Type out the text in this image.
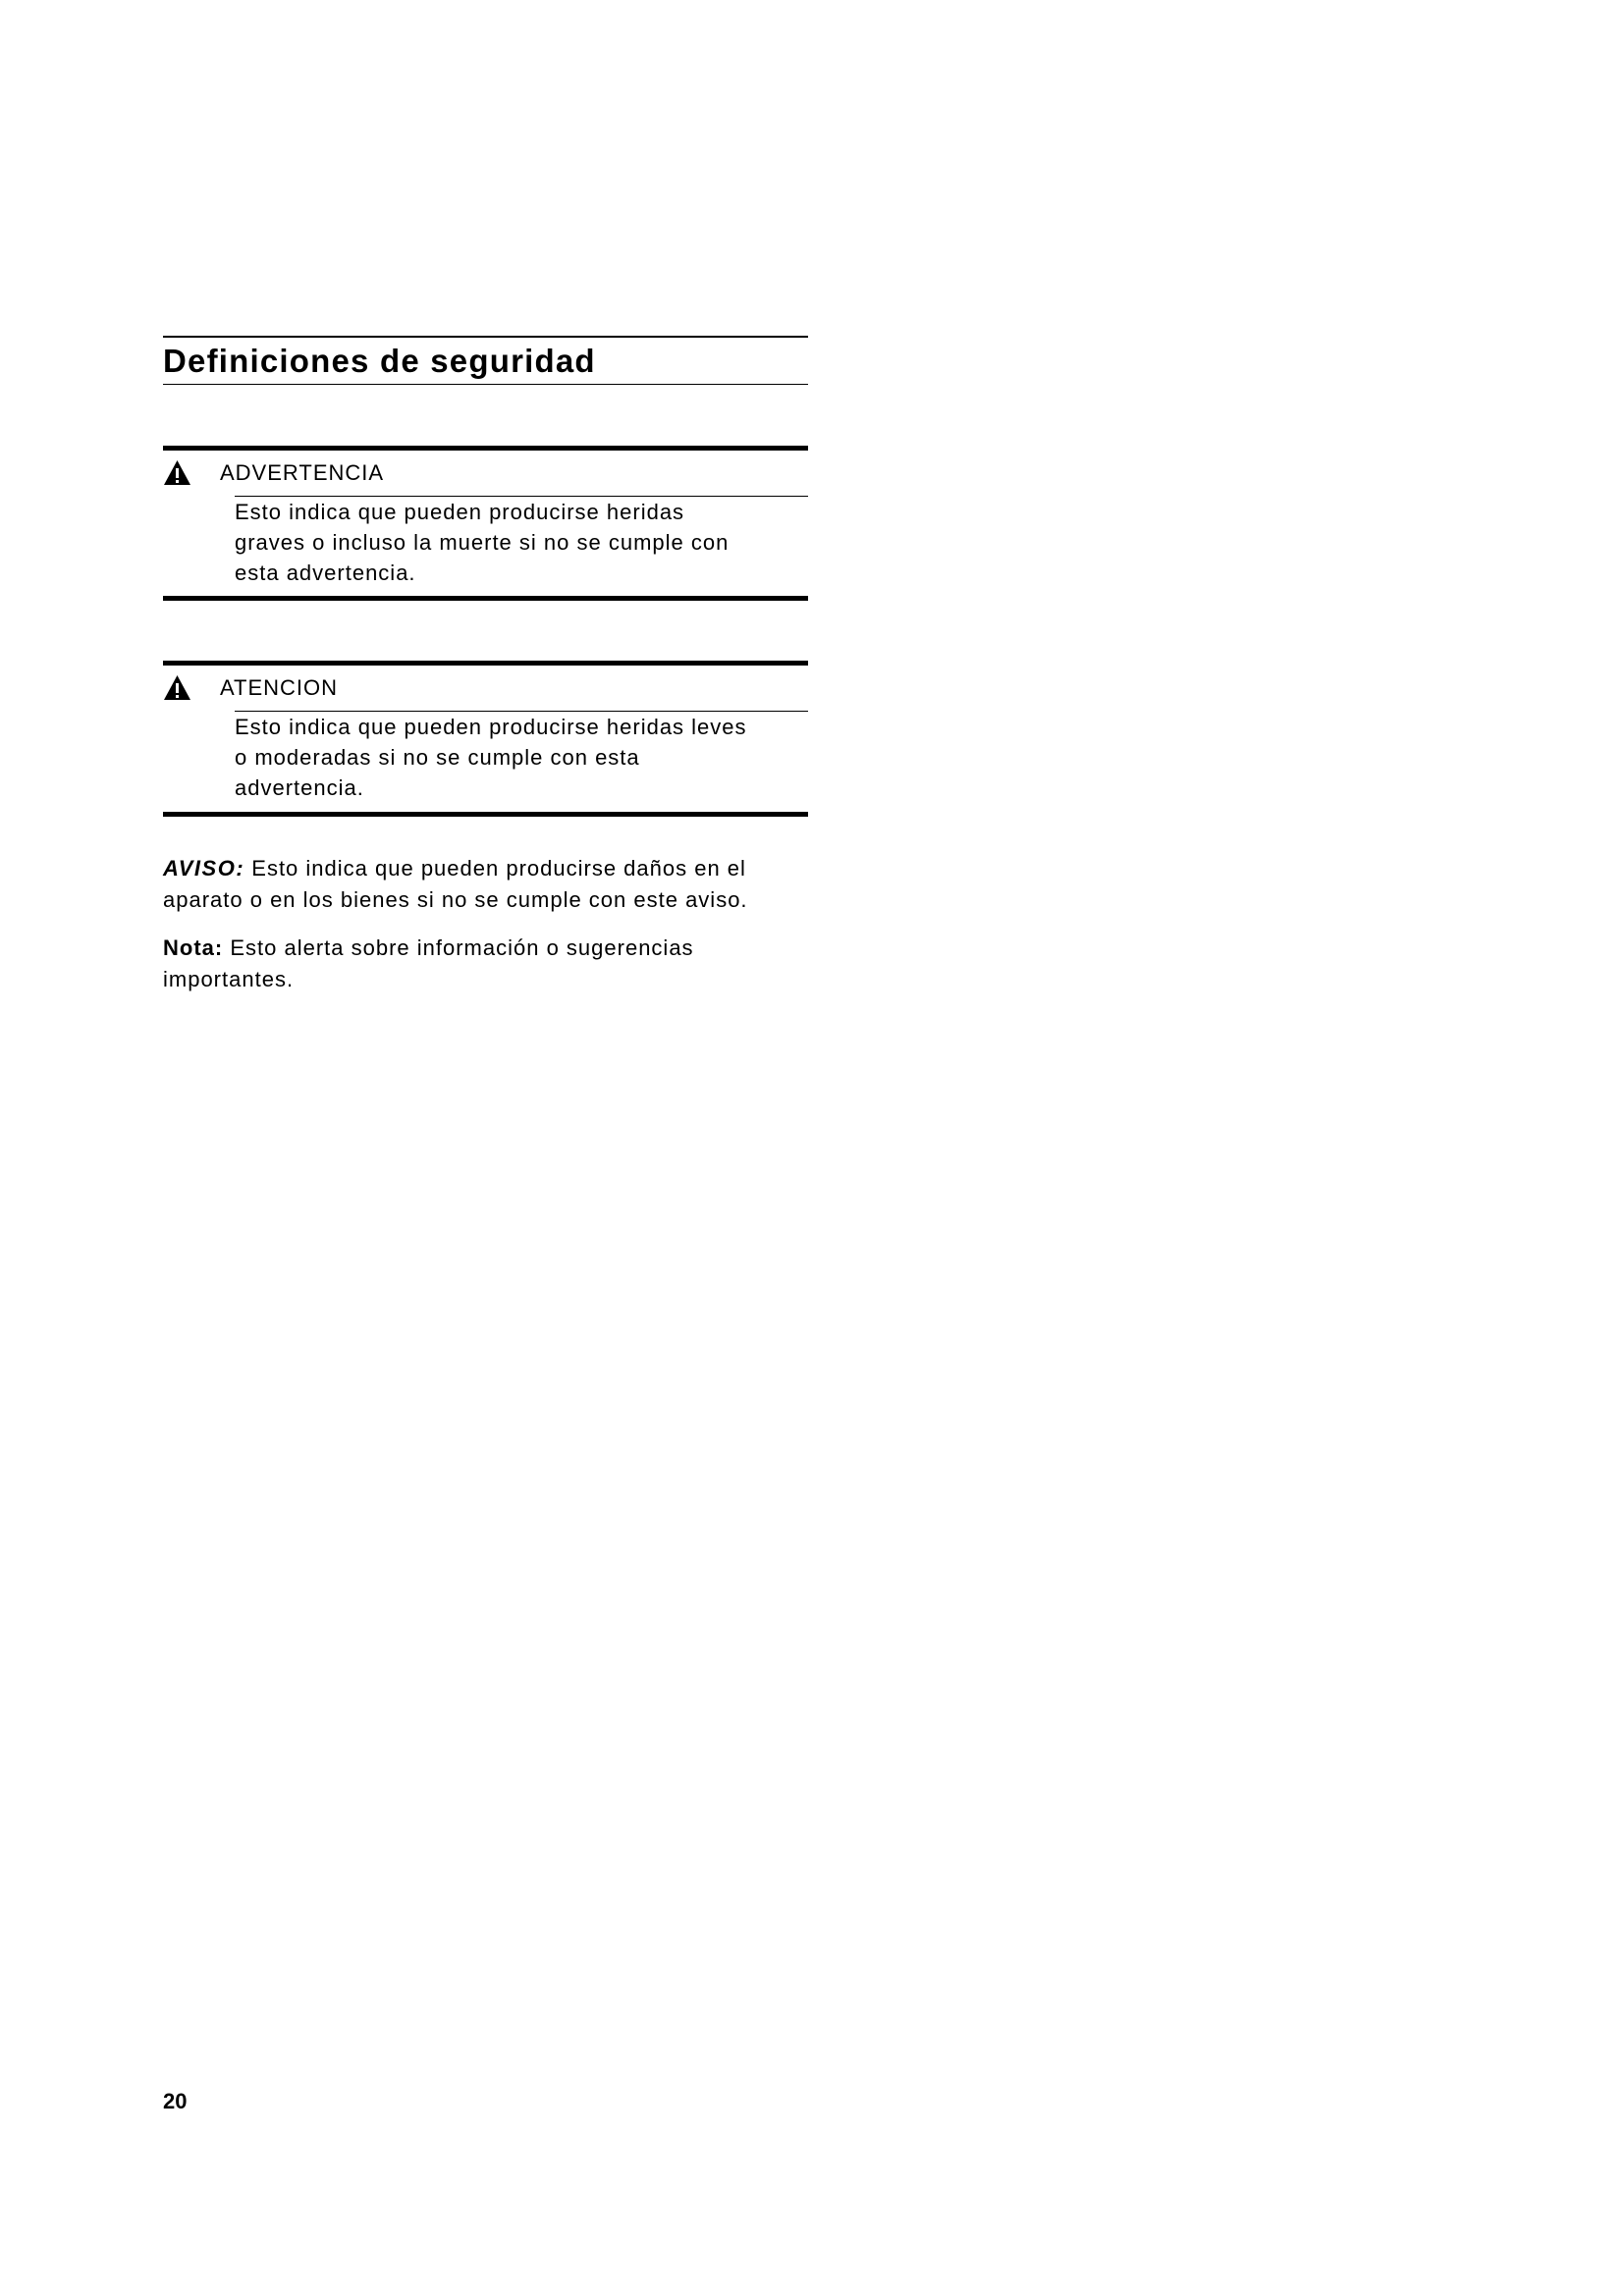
Definiciones de seguridad
ADVERTENCIA
Esto indica que pueden producirse heridas
graves o incluso la muerte si no se cumple con
esta advertencia.
ATENCION
Esto indica que pueden producirse heridas leves
o moderadas si no se cumple con esta
advertencia.
AVISO: Esto indica que pueden producirse daños en el
aparato o en los bienes si no se cumple con este aviso.
Nota: Esto alerta sobre información o sugerencias
importantes.
20
